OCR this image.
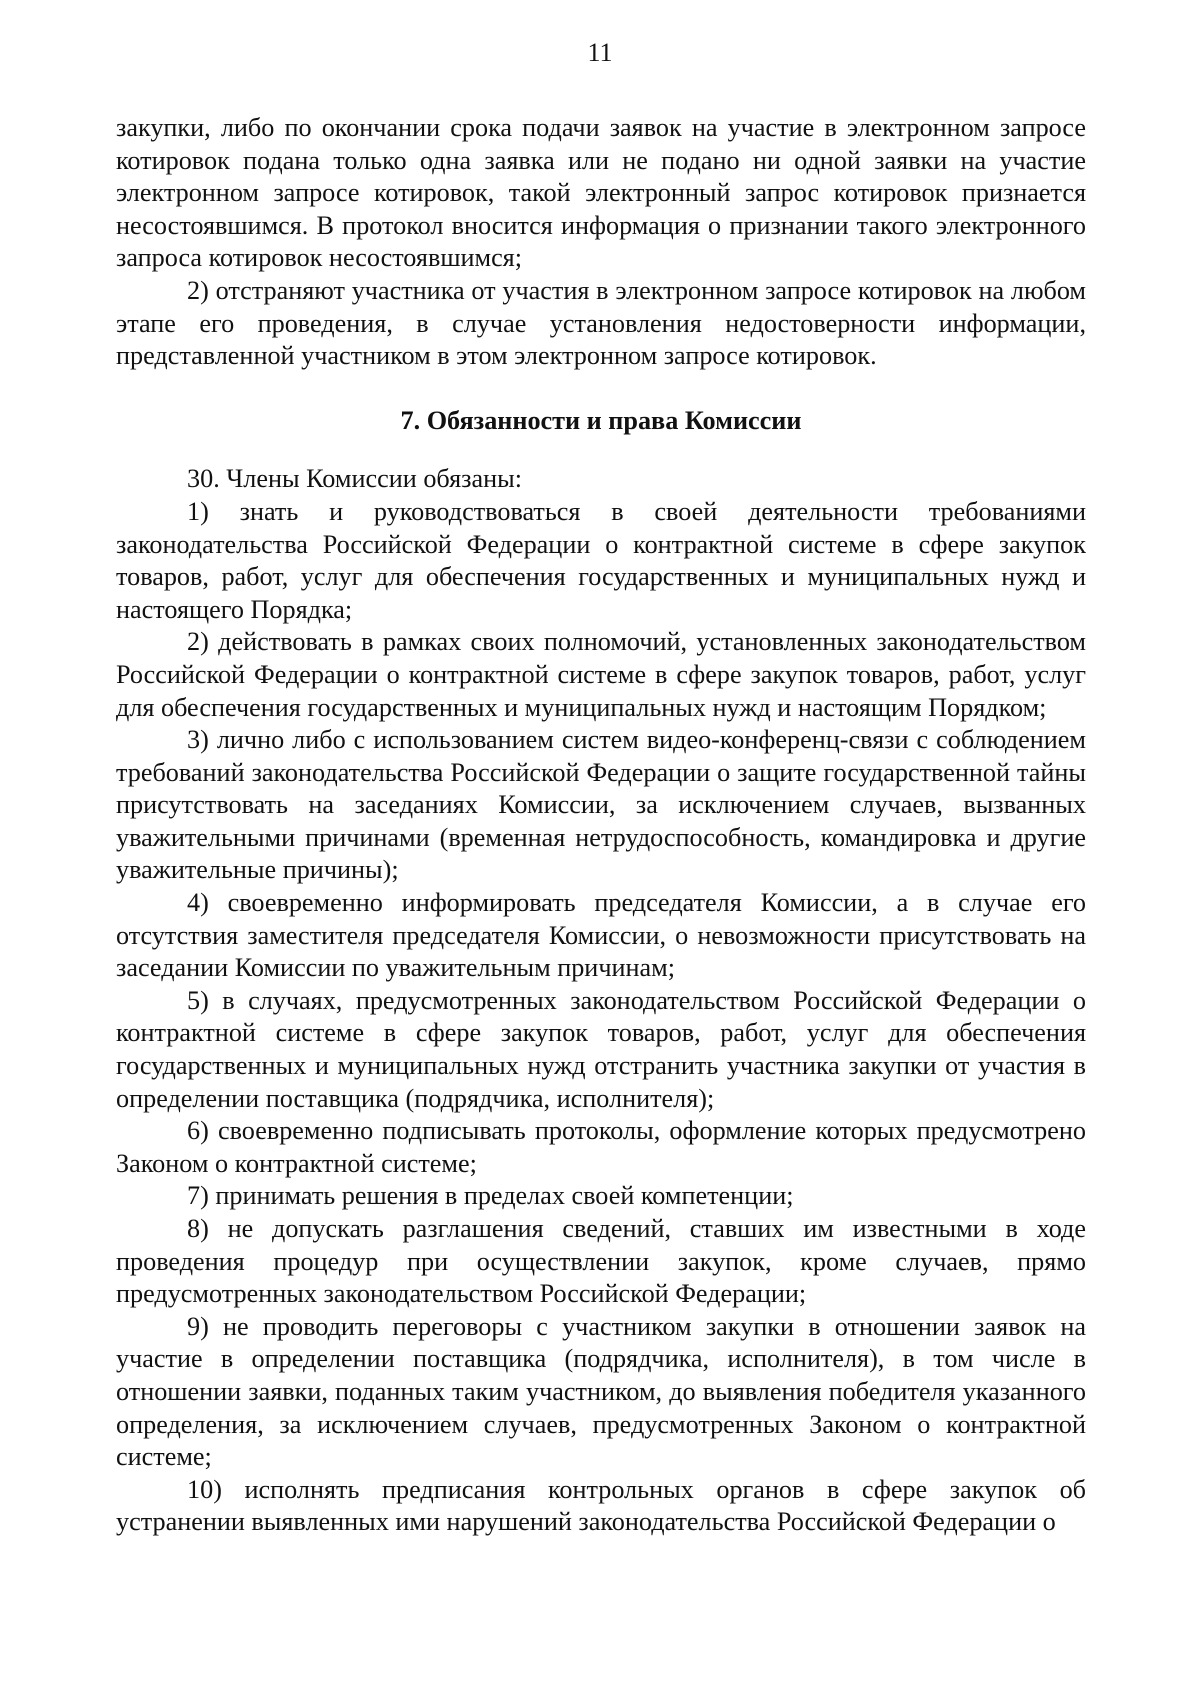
11

закупки, либо по окончании срока подачи заявок на участие в электронном запросе котировок подана только одна заявка или не подано ни одной заявки на участие электронном запросе котировок, такой электронный запрос котировок признается несостоявшимся. В протокол вносится информация о признании такого электронного запроса котировок несостоявшимся;

2) отстраняют участника от участия в электронном запросе котировок на любом этапе его проведения, в случае установления недостоверности информации, представленной участником в этом электронном запросе котировок.

7. Обязанности и права Комиссии

30. Члены Комиссии обязаны:

1) знать и руководствоваться в своей деятельности требованиями законодательства Российской Федерации о контрактной системе в сфере закупок товаров, работ, услуг для обеспечения государственных и муниципальных нужд и настоящего Порядка;

2) действовать в рамках своих полномочий, установленных законодательством Российской Федерации о контрактной системе в сфере закупок товаров, работ, услуг для обеспечения государственных и муниципальных нужд и настоящим Порядком;

3) лично либо с использованием систем видео-конференц-связи с соблюдением требований законодательства Российской Федерации о защите государственной тайны присутствовать на заседаниях Комиссии, за исключением случаев, вызванных уважительными причинами (временная нетрудоспособность, командировка и другие уважительные причины);

4) своевременно информировать председателя Комиссии, а в случае его отсутствия заместителя председателя Комиссии, о невозможности присутствовать на заседании Комиссии по уважительным причинам;

5) в случаях, предусмотренных законодательством Российской Федерации о контрактной системе в сфере закупок товаров, работ, услуг для обеспечения государственных и муниципальных нужд отстранить участника закупки от участия в определении поставщика (подрядчика, исполнителя);

6) своевременно подписывать протоколы, оформление которых предусмотрено Законом о контрактной системе;

7) принимать решения в пределах своей компетенции;

8) не допускать разглашения сведений, ставших им известными в ходе проведения процедур при осуществлении закупок, кроме случаев, прямо предусмотренных законодательством Российской Федерации;

9) не проводить переговоры с участником закупки в отношении заявок на участие в определении поставщика (подрядчика, исполнителя), в том числе в отношении заявки, поданных таким участником, до выявления победителя указанного определения, за исключением случаев, предусмотренных Законом о контрактной системе;

10) исполнять предписания контрольных органов в сфере закупок об устранении выявленных ими нарушений законодательства Российской Федерации о
